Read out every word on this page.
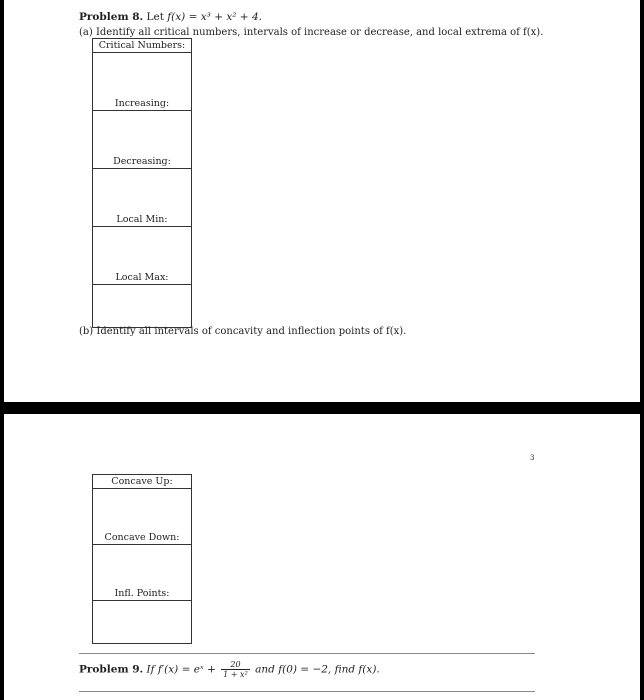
Problem 8. Let f(x) = x³ + x² + 4.
(a) Identify all critical numbers, intervals of increase or decrease, and local extrema of f(x).
Critical Numbers:
Increasing:
Decreasing:
Local Min:
Local Max:
(b) Identify all intervals of concavity and inflection points of f(x).
3
Concave Up:
Concave Down:
Infl. Points:
Problem 9. If f′(x) = eˣ + $\frac{20}{\text{1 + x²}}$ and f(0) = −2, find f(x).
